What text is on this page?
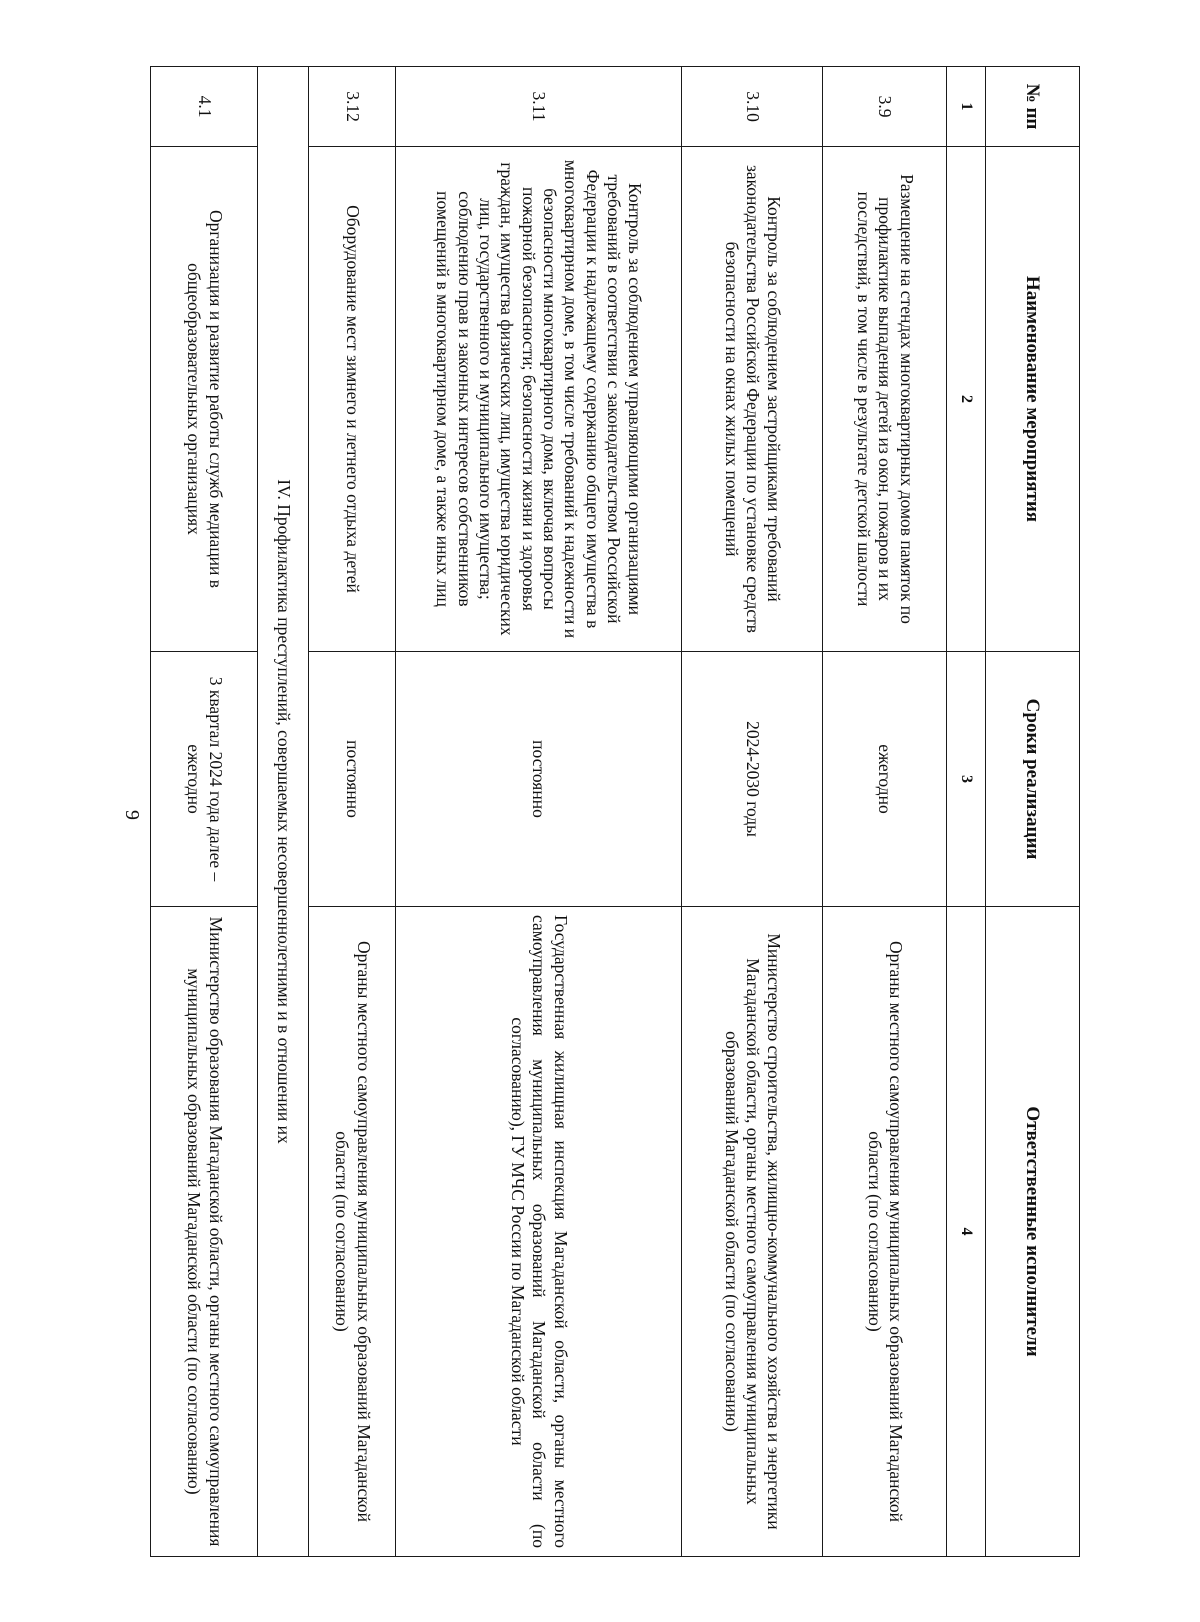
9
№ пп	Наименование мероприятия	Сроки реализации	Ответственные исполнители
1	2	3	4
3.9	Размещение на стендах многоквартирных домов памяток по профилактике выпадения детей из окон, пожаров и их последствий, в том числе в результате детской шалости	ежегодно	Органы местного самоуправления муниципальных образований Магаданской области (по согласованию)
3.10	Контроль за соблюдением застройщиками требований законодательства Российской Федерации по установке средств безопасности на окнах жилых помещений	2024-2030 годы	Министерство строительства, жилищно-коммунального хозяйства и энергетики Магаданской области, органы местного самоуправления муниципальных образований Магаданской области (по согласованию)
3.11	Контроль за соблюдением управляющими организациями требований в соответствии с законодательством Российской Федерации к надлежащему содержанию общего имущества в многоквартирном доме, в том числе требований к надежности и безопасности многоквартирного дома, включая вопросы пожарной безопасности; безопасности жизни и здоровья граждан, имущества физических лиц, имущества юридических лиц, государственного и муниципального имущества; соблюдению прав и законных интересов собственников помещений в многоквартирном доме, а также иных лиц	постоянно	Государственная жилищная инспекция Магаданской области, органы местного самоуправления муниципальных образований Магаданской области (по согласованию), ГУ МЧС России по Магаданской области
3.12	Оборудование мест зимнего и летнего отдыха детей	постоянно	Органы местного самоуправления муниципальных образований Магаданской области (по согласованию)
IV. Профилактика преступлений, совершаемых несовершеннолетними и в отношении их			
4.1	Организация и развитие работы служб медиации в общеобразовательных организациях	3 квартал 2024 года далее – ежегодно	Министерство образования Магаданской области, органы местного самоуправления муниципальных образований Магаданской области (по согласованию)
